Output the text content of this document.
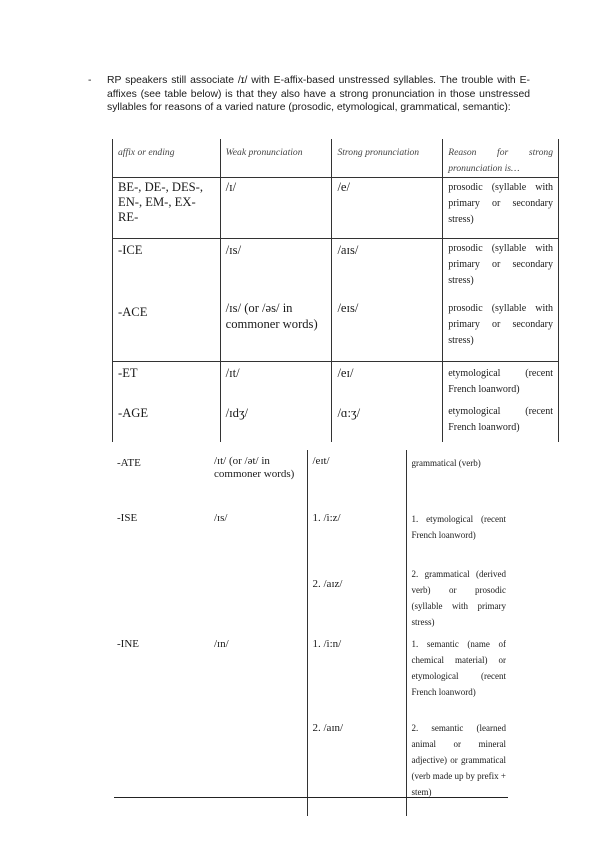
- RP speakers still associate /ɪ/ with E-affix-based unstressed syllables. The trouble with E-affixes (see table below) is that they also have a strong pronunciation in those unstressed syllables for reasons of a varied nature (prosodic, etymological, grammatical, semantic):
affix or ending	Weak pronunciation	Strong pronunciation	Reason for strong pronunciation is…
BE-, DE-, DES-, EN-, EM-, EX-RE-	/ɪ/	/e/	prosodic (syllable with primary or secondary stress)
-ICE	/ɪs/	/aɪs/	prosodic (syllable with primary or secondary stress)
-ACE	/ɪs/ (or /əs/ in commoner words)	/eɪs/	prosodic (syllable with primary or secondary stress)
-ET	/ɪt/	/eɪ/	etymological (recent French loanword)
-AGE	/ɪdʒ/	/ɑ:ʒ/	etymological (recent French loanword)
-ATE	/ɪt/ (or /ət/ in commoner words)	/eɪt/	grammatical (verb)
-ISE	/ɪs/	1. /i:z/	1. etymological (recent French loanword)
		2. /aɪz/	2. grammatical (derived verb) or prosodic (syllable with primary stress)
-INE	/ɪn/	1. /i:n/	1. semantic (name of chemical material) or etymological (recent French loanword)
		2. /aɪn/	2. semantic (learned animal or mineral adjective) or grammatical (verb made up by prefix + stem)
